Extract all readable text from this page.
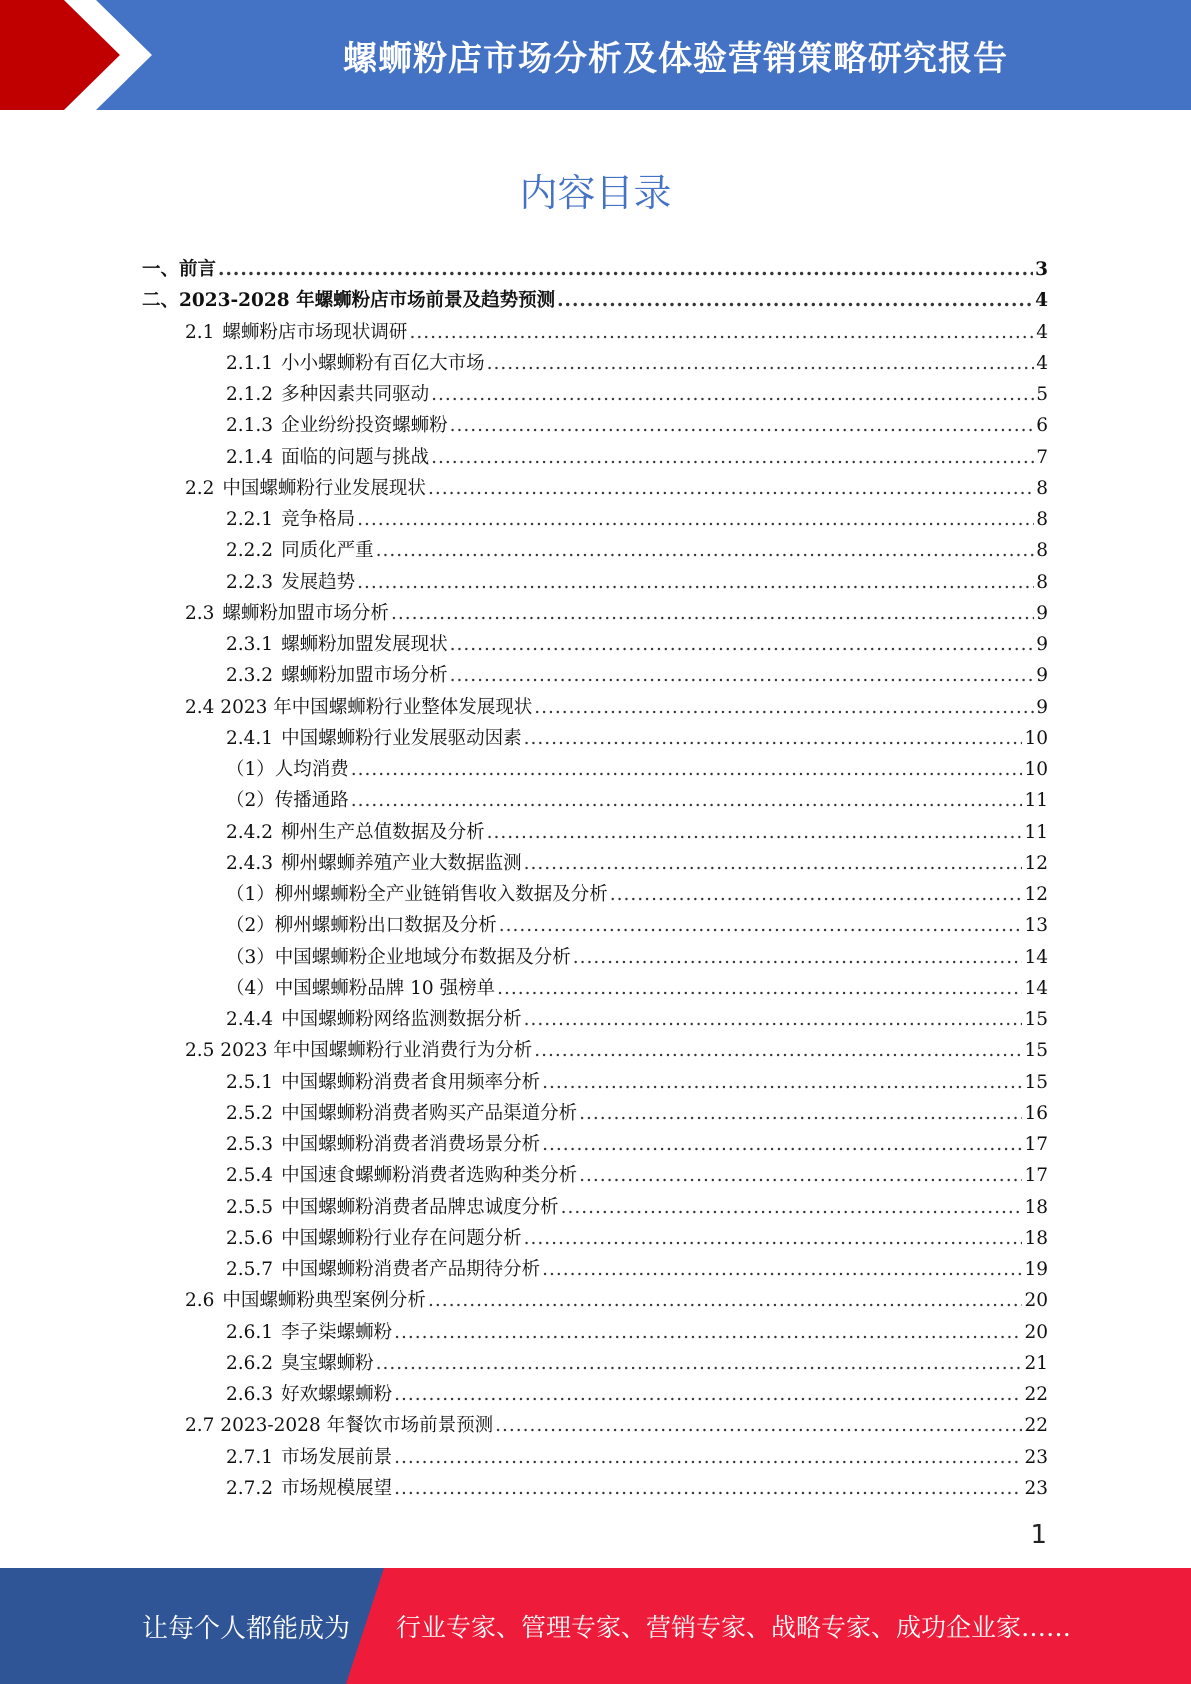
螺蛳粉店市场分析及体验营销策略研究报告
内容目录
一、前言 .....	3
二、2023-2028 年螺蛳粉店市场前景及趋势预测 .....	4
2.1 螺蛳粉店市场现状调研 .....	4
2.1.1 小小螺蛳粉有百亿大市场 .....	4
2.1.2 多种因素共同驱动 .....	5
2.1.3 企业纷纷投资螺蛳粉 .....	6
2.1.4 面临的问题与挑战 .....	7
2.2 中国螺蛳粉行业发展现状 .....	8
2.2.1 竞争格局 .....	8
2.2.2 同质化严重 .....	8
2.2.3 发展趋势 .....	8
2.3 螺蛳粉加盟市场分析 .....	9
2.3.1 螺蛳粉加盟发展现状 .....	9
2.3.2 螺蛳粉加盟市场分析 .....	9
2.4 2023 年中国螺蛳粉行业整体发展现状 .....	9
2.4.1 中国螺蛳粉行业发展驱动因素 .....	10
（1）人均消费 .....	10
（2）传播通路 .....	11
2.4.2 柳州生产总值数据及分析 .....	11
2.4.3 柳州螺蛳养殖产业大数据监测 .....	12
（1）柳州螺蛳粉全产业链销售收入数据及分析 .....	12
（2）柳州螺蛳粉出口数据及分析 .....	13
（3）中国螺蛳粉企业地域分布数据及分析 .....	14
（4）中国螺蛳粉品牌 10 强榜单 .....	14
2.4.4 中国螺蛳粉网络监测数据分析 .....	15
2.5 2023 年中国螺蛳粉行业消费行为分析 .....	15
2.5.1 中国螺蛳粉消费者食用频率分析 .....	15
2.5.2 中国螺蛳粉消费者购买产品渠道分析 .....	16
2.5.3 中国螺蛳粉消费者消费场景分析 .....	17
2.5.4 中国速食螺蛳粉消费者选购种类分析 .....	17
2.5.5 中国螺蛳粉消费者品牌忠诚度分析 .....	18
2.5.6 中国螺蛳粉行业存在问题分析 .....	18
2.5.7 中国螺蛳粉消费者产品期待分析 .....	19
2.6 中国螺蛳粉典型案例分析 .....	20
2.6.1 李子柒螺蛳粉 .....	20
2.6.2 臭宝螺蛳粉 .....	21
2.6.3 好欢螺螺蛳粉 .....	22
2.7 2023-2028 年餐饮市场前景预测 .....	22
2.7.1 市场发展前景 .....	23
2.7.2 市场规模展望 .....	23
1
让每个人都能成为 行业专家、管理专家、营销专家、战略专家、成功企业家……
